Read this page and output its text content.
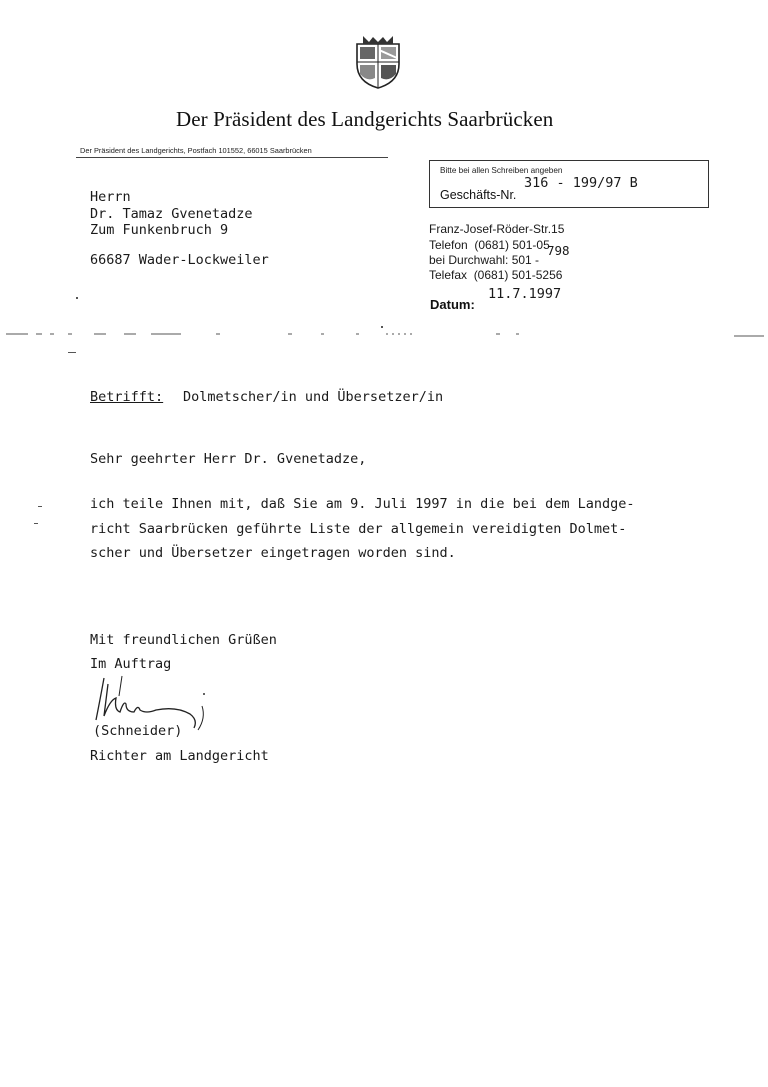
Der Präsident des Landgerichts Saarbrücken
Der Präsident des Landgerichts, Postfach 101552, 66015 Saarbrücken
Bitte bei allen Schreiben angeben
Geschäfts-Nr.
316 - 199/97 B
Herrn
Dr. Tamaz Gvenetadze
Zum Funkenbruch 9
66687 Wader-Lockweiler
Franz-Josef-Röder-Str.15
Telefon  (0681) 501-05
798
bei Durchwahl: 501 -
Telefax  (0681) 501-5256
11.7.1997
Datum:
Betrifft: Dolmetscher/in und Übersetzer/in
Sehr geehrter Herr Dr. Gvenetadze,
ich teile Ihnen mit, daß Sie am 9. Juli 1997 in die bei dem Landge-
richt Saarbrücken geführte Liste der allgemein vereidigten Dolmet-
scher und Übersetzer eingetragen worden sind.
Mit freundlichen Grüßen
Im Auftrag
(Schneider)
Richter am Landgericht
